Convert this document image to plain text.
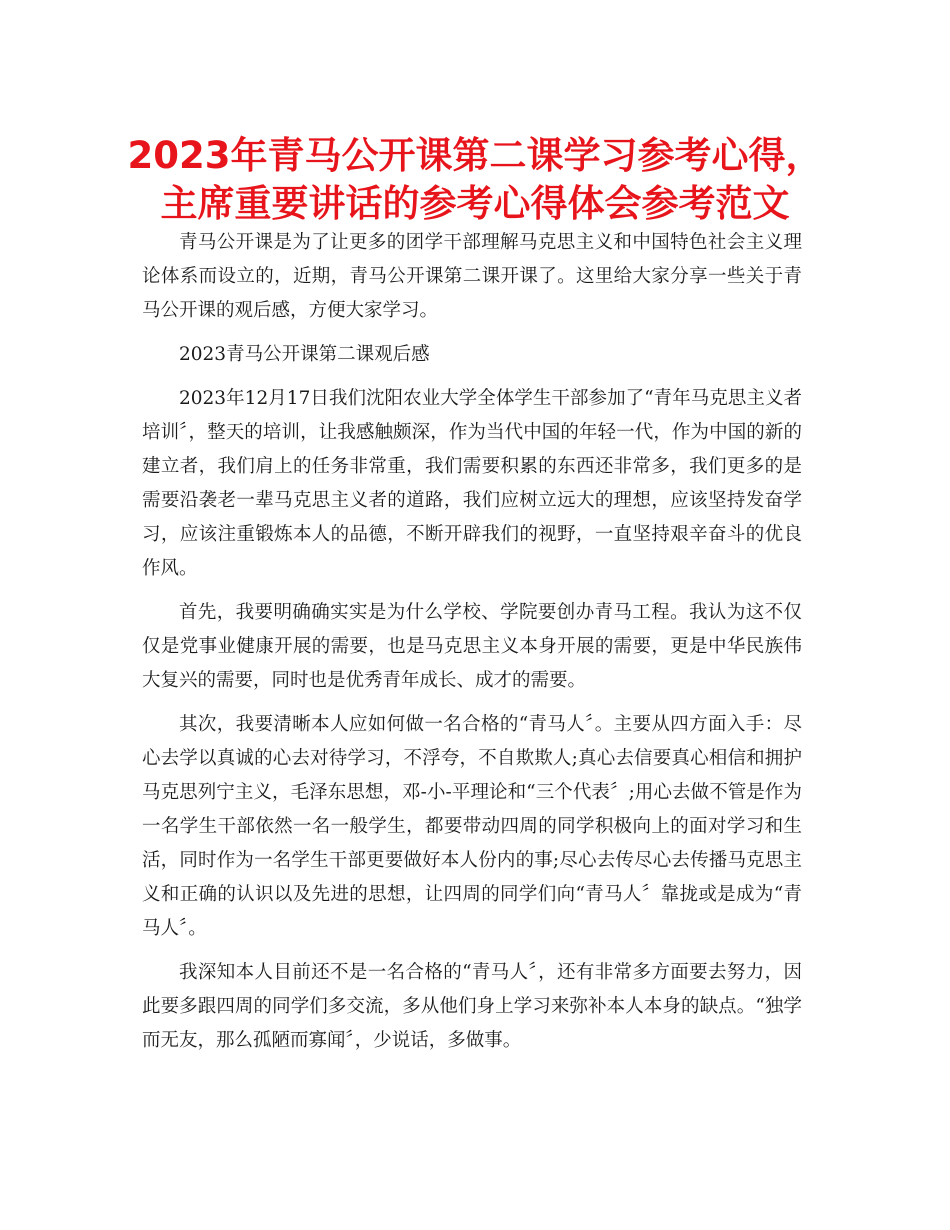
2023年青马公开课第二课学习参考心得，
主席重要讲话的参考心得体会参考范文

青马公开课是为了让更多的团学干部理解马克思主义和中国特色社会主义理论体系而设立的，近期，青马公开课第二课开课了。这里给大家分享一些关于青马公开课的观后感，方便大家学习。

2023青马公开课第二课观后感

2023年12月17日我们沈阳农业大学全体学生干部参加了“青年马克思主义者培训〞，整天的培训，让我感触颇深，作为当代中国的年轻一代，作为中国的新的建立者，我们肩上的任务非常重，我们需要积累的东西还非常多，我们更多的是需要沿袭老一辈马克思主义者的道路，我们应树立远大的理想，应该坚持发奋学习，应该注重锻炼本人的品德，不断开辟我们的视野，一直坚持艰辛奋斗的优良作风。

首先，我要明确确实实是为什么学校、学院要创办青马工程。我认为这不仅仅是党事业健康开展的需要，也是马克思主义本身开展的需要，更是中华民族伟大复兴的需要，同时也是优秀青年成长、成才的需要。

其次，我要清晰本人应如何做一名合格的“青马人〞。主要从四方面入手：尽心去学以真诚的心去对待学习，不浮夸，不自欺欺人;真心去信要真心相信和拥护马克思列宁主义，毛泽东思想，邓-小-平理论和“三个代表〞;用心去做不管是作为一名学生干部依然一名一般学生，都要带动四周的同学积极向上的面对学习和生活，同时作为一名学生干部更要做好本人份内的事;尽心去传尽心去传播马克思主义和正确的认识以及先进的思想，让四周的同学们向“青马人〞靠拢或是成为“青马人〞。

我深知本人目前还不是一名合格的“青马人〞，还有非常多方面要去努力，因此要多跟四周的同学们多交流，多从他们身上学习来弥补本人本身的缺点。“独学而无友，那么孤陋而寡闻〞，少说话，多做事。
